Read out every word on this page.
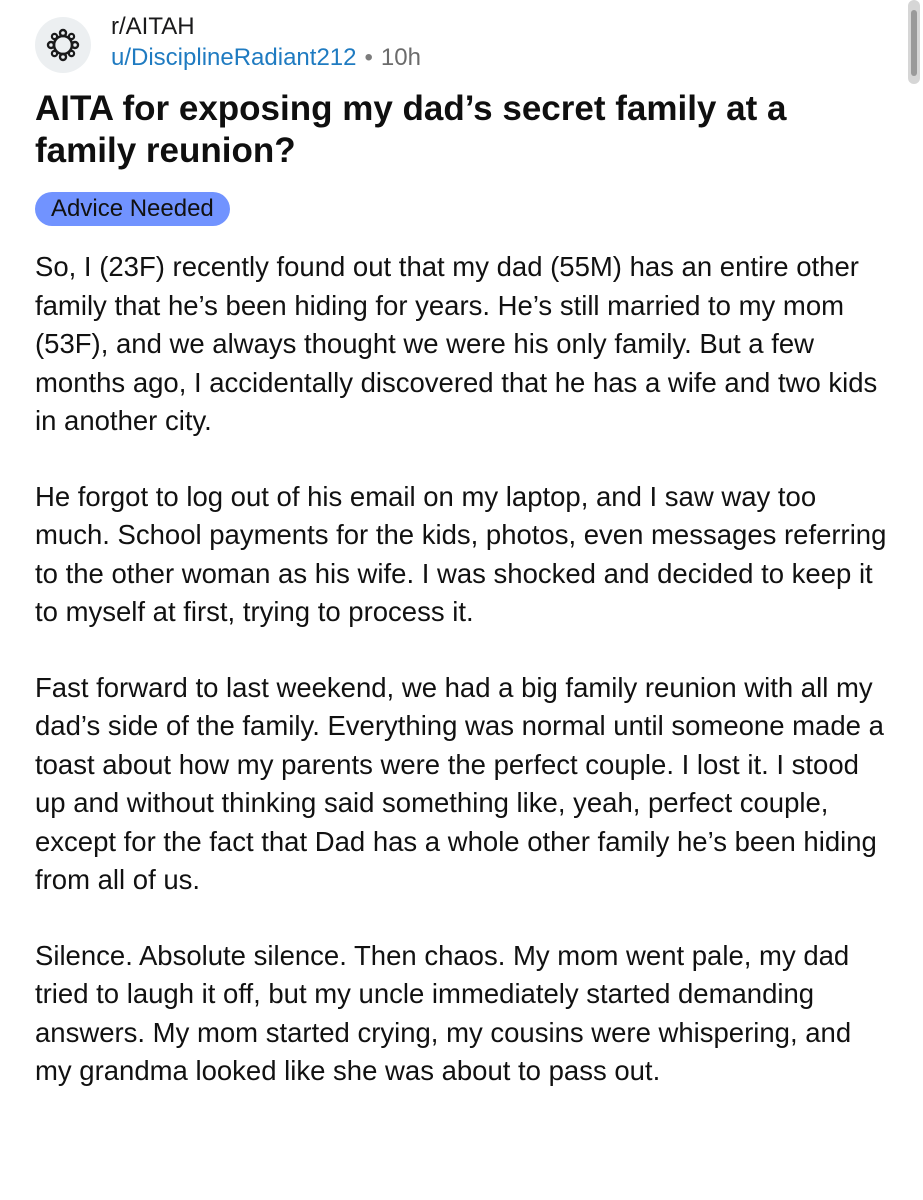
r/AITAH
u/DisciplineRadiant212 • 10h
AITA for exposing my dad’s secret family at a family reunion?
Advice Needed

So, I (23F) recently found out that my dad (55M) has an entire other family that he’s been hiding for years. He’s still married to my mom (53F), and we always thought we were his only family. But a few months ago, I accidentally discovered that he has a wife and two kids in another city.

He forgot to log out of his email on my laptop, and I saw way too much. School payments for the kids, photos, even messages referring to the other woman as his wife. I was shocked and decided to keep it to myself at first, trying to process it.

Fast forward to last weekend, we had a big family reunion with all my dad’s side of the family. Everything was normal until someone made a toast about how my parents were the perfect couple. I lost it. I stood up and without thinking said something like, yeah, perfect couple, except for the fact that Dad has a whole other family he’s been hiding from all of us.

Silence. Absolute silence. Then chaos. My mom went pale, my dad tried to laugh it off, but my uncle immediately started demanding answers. My mom started crying, my cousins were whispering, and my grandma looked like she was about to pass out.
